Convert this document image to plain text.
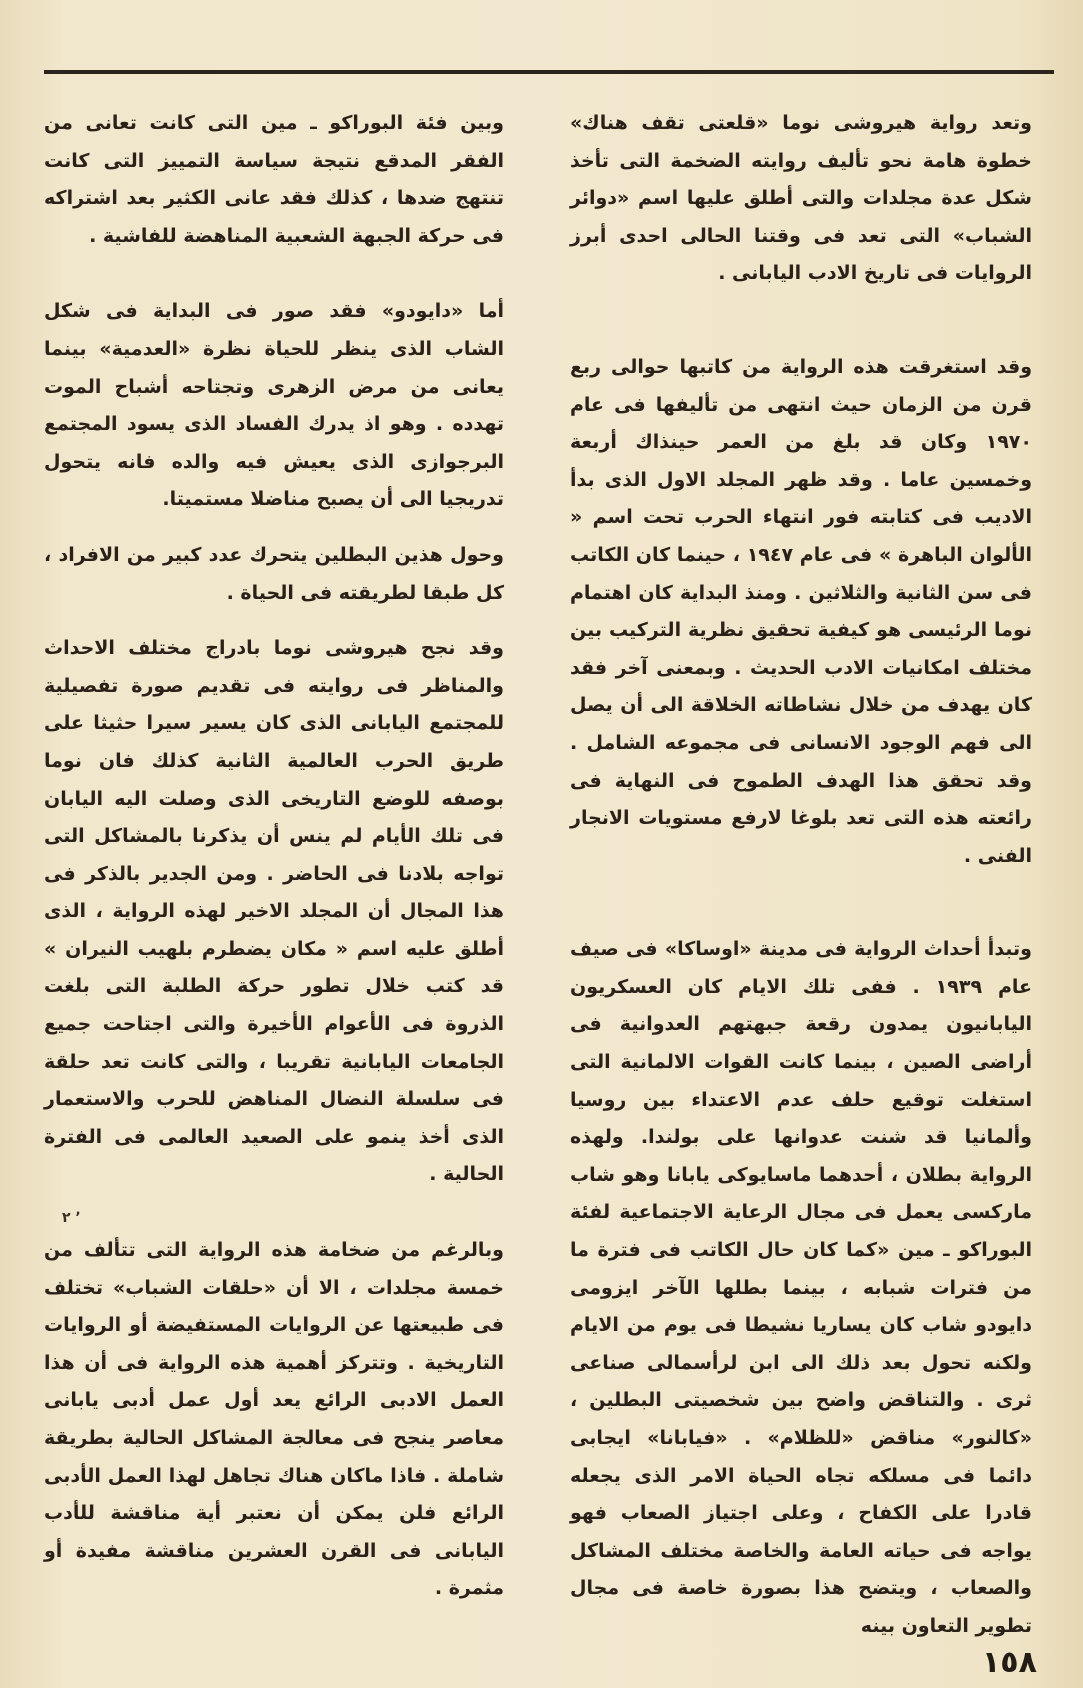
وتعد رواية هيروشى نوما «قلعتى تقف هناك» خطوة هامة نحو تأليف روايته الضخمة التى تأخذ شكل عدة مجلدات والتى أطلق عليها اسم «دوائر الشباب» التى تعد فى وقتنا الحالى احدى أبرز الروايات فى تاريخ الادب اليابانى .

وقد استغرقت هذه الرواية من كاتبها حوالى ربع قرن من الزمان حيث انتهى من تأليفها فى عام ١٩٧٠ وكان قد بلغ من العمر حينذاك أربعة وخمسين عاما . وقد ظهر المجلد الاول الذى بدأ الاديب فى كتابته فور انتهاء الحرب تحت اسم « الألوان الباهرة » فى عام ١٩٤٧ ، حينما كان الكاتب فى سن الثانية والثلاثين . ومنذ البداية كان اهتمام نوما الرئيسى هو كيفية تحقيق نظرية التركيب بين مختلف امكانيات الادب الحديث . وبمعنى آخر فقد كان يهدف من خلال نشاطاته الخلاقة الى أن يصل الى فهم الوجود الانسانى فى مجموعه الشامل . وقد تحقق هذا الهدف الطموح فى النهاية فى رائعته هذه التى تعد بلوغا لارفع مستويات الانجار الفنى .

وتبدأ أحداث الرواية فى مدينة «اوساكا» فى صيف عام ١٩٣٩ . ففى تلك الايام كان العسكريون اليابانيون يمدون رقعة جبهتهم العدوانية فى أراضى الصين ، بينما كانت القوات الالمانية التى استغلت توقيع حلف عدم الاعتداء بين روسيا وألمانيا قد شنت عدوانها على بولندا. ولهذه الرواية بطلان ، أحدهما ماسايوكى يابانا وهو شاب ماركسى يعمل فى مجال الرعاية الاجتماعية لفئة البوراكو ـ مين «كما كان حال الكاتب فى فترة ما من فترات شبابه ، بينما بطلها الآخر ايزومى دايودو شاب كان يساريا نشيطا فى يوم من الايام ولكنه تحول بعد ذلك الى ابن لرأسمالى صناعى ثرى . والتناقض واضح بين شخصيتى البطلين ، «كالنور» مناقض «للظلام» . «فيابانا» ايجابى دائما فى مسلكه تجاه الحياة الامر الذى يجعله قادرا على الكفاح ، وعلى اجتياز الصعاب فهو يواجه فى حياته العامة والخاصة مختلف المشاكل والصعاب ، ويتضح هذا بصورة خاصة فى مجال تطوير التعاون بينه

وبين فئة البوراكو ـ مين التى كانت تعانى من الفقر المدقع نتيجة سياسة التمييز التى كانت تنتهج ضدها ، كذلك فقد عانى الكثير بعد اشتراكه فى حركة الجبهة الشعبية المناهضة للفاشية .

أما «دايودو» فقد صور فى البداية فى شكل الشاب الذى ينظر للحياة نظرة «العدمية» بينما يعانى من مرض الزهرى وتجتاحه أشباح الموت تهدده . وهو اذ يدرك الفساد الذى يسود المجتمع البرجوازى الذى يعيش فيه والده فانه يتحول تدريجيا الى أن يصبح مناضلا مستميتا.

وحول هذين البطلين يتحرك عدد كبير من الافراد ، كل طبقا لطريقته فى الحياة .

وقد نجح هيروشى نوما بادراج مختلف الاحداث والمناظر فى روايته فى تقديم صورة تفصيلية للمجتمع اليابانى الذى كان يسير سيرا حثيثا على طريق الحرب العالمية الثانية كذلك فان نوما بوصفه للوضع التاريخى الذى وصلت اليه اليابان فى تلك الأيام لم ينس أن يذكرنا بالمشاكل التى تواجه بلادنا فى الحاضر . ومن الجدير بالذكر فى هذا المجال أن المجلد الاخير لهذه الرواية ، الذى أطلق عليه اسم « مكان يضطرم بلهيب النيران » قد كتب خلال تطور حركة الطلبة التى بلغت الذروة فى الأعوام الأخيرة والتى اجتاحت جميع الجامعات اليابانية تقريبا ، والتى كانت تعد حلقة فى سلسلة النضال المناهض للحرب والاستعمار الذى أخذ ينمو على الصعيد العالمى فى الفترة الحالية .

وبالرغم من ضخامة هذه الرواية التى تتألف من خمسة مجلدات ، الا أن «حلقات الشباب» تختلف فى طبيعتها عن الروايات المستفيضة أو الروايات التاريخية . وتتركز أهمية هذه الرواية فى أن هذا العمل الادبى الرائع يعد أول عمل أدبى يابانى معاصر ينجح فى معالجة المشاكل الحالية بطريقة شاملة . فاذا ماكان هناك تجاهل لهذا العمل الأدبى الرائع فلن يمكن أن نعتبر أية مناقشة للأدب اليابانى فى القرن العشرين مناقشة مفيدة أو مثمرة .

۲ ٬
١٥٨
